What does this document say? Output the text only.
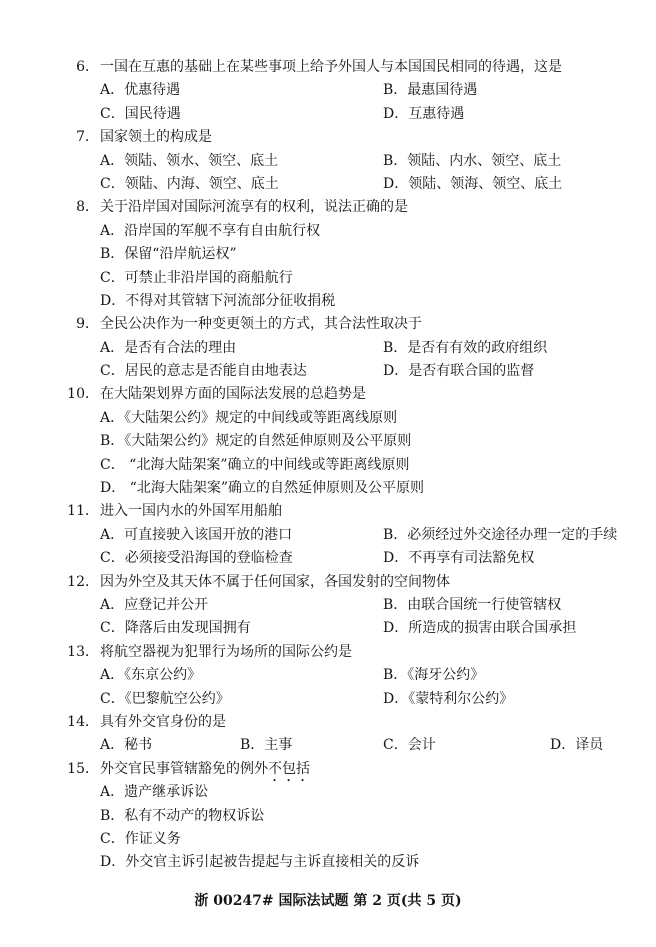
6． 一国在互惠的基础上在某些事项上给予外国人与本国国民相同的待遇，这是
A．优惠待遇	B．最惠国待遇
C．国民待遇	D．互惠待遇
7． 国家领土的构成是
A．领陆、领水、领空、底土	B．领陆、内水、领空、底土
C．领陆、内海、领空、底土	D．领陆、领海、领空、底土
8． 关于沿岸国对国际河流享有的权利，说法正确的是
A．沿岸国的军舰不享有自由航行权
B．保留“沿岸航运权”
C．可禁止非沿岸国的商船航行
D．不得对其管辖下河流部分征收捐税
9． 全民公决作为一种变更领土的方式，其合法性取决于
A．是否有合法的理由	B．是否有有效的政府组织
C．居民的意志是否能自由地表达	D．是否有联合国的监督
10． 在大陆架划界方面的国际法发展的总趋势是
A．《大陆架公约》规定的中间线或等距离线原则
B．《大陆架公约》规定的自然延伸原则及公平原则
C． “北海大陆架案”确立的中间线或等距离线原则
D． “北海大陆架案”确立的自然延伸原则及公平原则
11． 进入一国内水的外国军用船舶
A．可直接驶入该国开放的港口	B．必须经过外交途径办理一定的手续
C．必须接受沿海国的登临检查	D．不再享有司法豁免权
12． 因为外空及其天体不属于任何国家，各国发射的空间物体
A．应登记并公开	B．由联合国统一行使管辖权
C．降落后由发现国拥有	D．所造成的损害由联合国承担
13． 将航空器视为犯罪行为场所的国际公约是
A．《东京公约》	B．《海牙公约》
C．《巴黎航空公约》	D．《蒙特利尔公约》
14． 具有外交官身份的是
A．秘书	B．主事	C．会计	D．译员
15． 外交官民事管辖豁免的例外不包括
A．遗产继承诉讼
B．私有不动产的物权诉讼
C．作证义务
D．外交官主诉引起被告提起与主诉直接相关的反诉
浙 00247# 国际法试题 第 2 页(共 5 页)
